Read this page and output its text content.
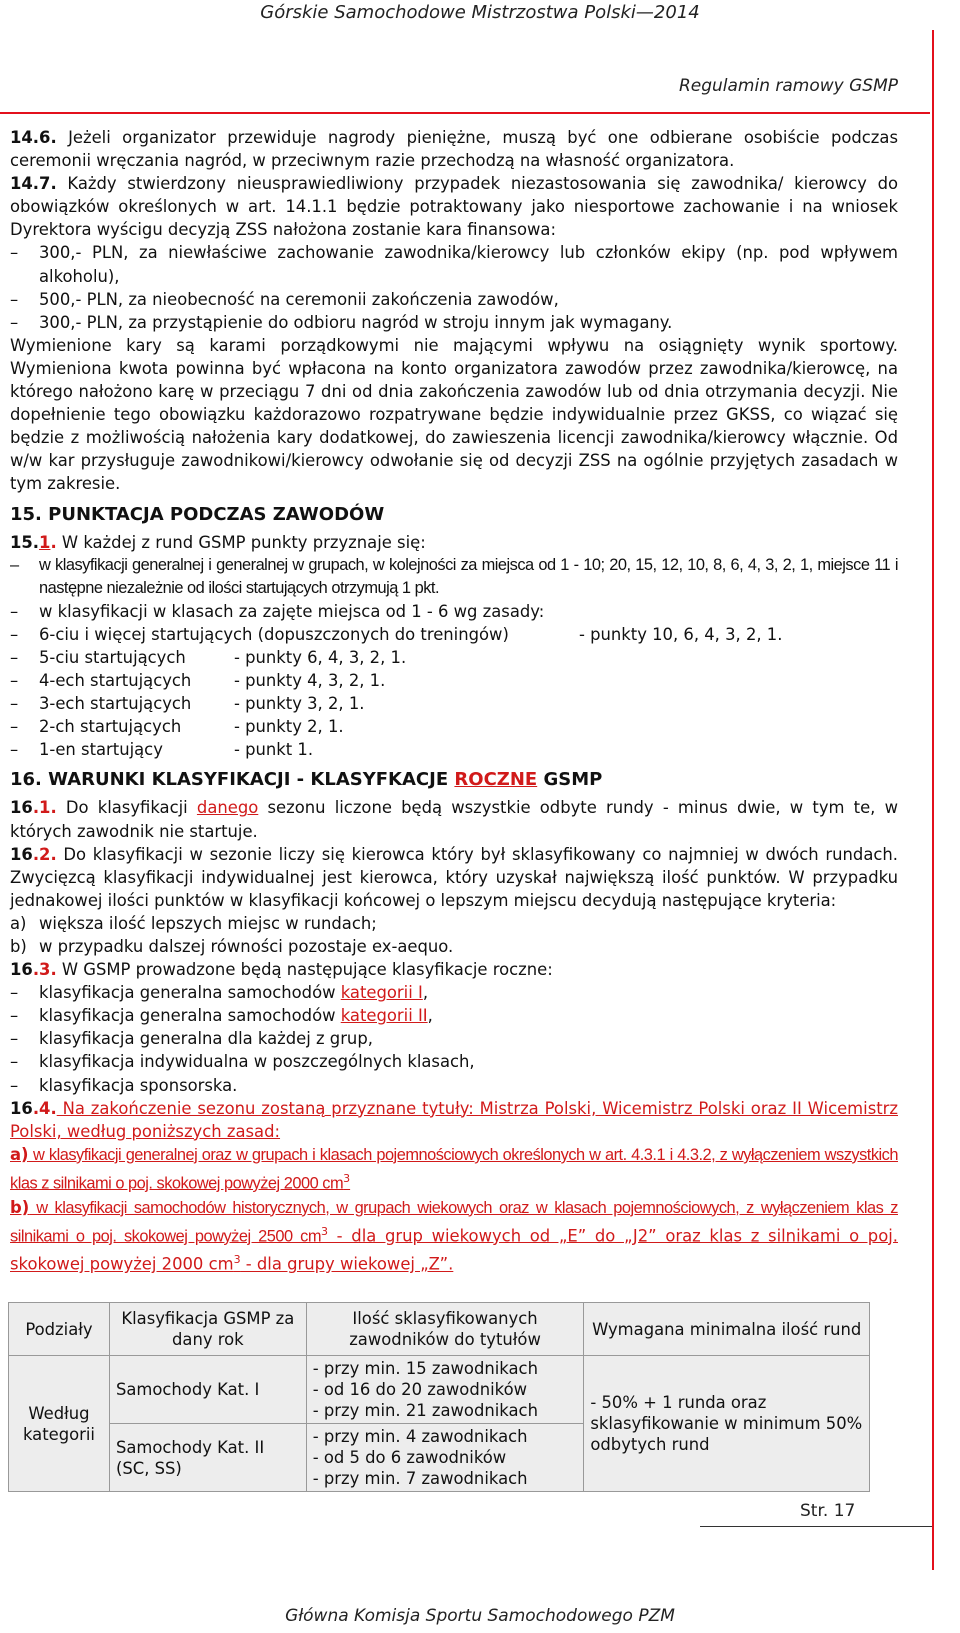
Górskie Samochodowe Mistrzostwa Polski—2014
Regulamin ramowy GSMP

14.6. Jeżeli organizator przewiduje nagrody pieniężne, muszą być one odbierane osobiście podczas ceremonii wręczania nagród, w przeciwnym razie przechodzą na własność organizatora.

14.7. Każdy stwierdzony nieusprawiedliwiony przypadek niezastosowania się zawodnika/ kierowcy do obowiązków określonych w art. 14.1.1 będzie potraktowany jako niesportowe zachowanie i na wniosek Dyrektora wyścigu decyzją ZSS nałożona zostanie kara finansowa:

– 300,- PLN, za niewłaściwe zachowanie zawodnika/kierowcy lub członków ekipy (np. pod wpływem alkoholu),

– 500,- PLN, za nieobecność na ceremonii zakończenia zawodów,

– 300,- PLN, za przystąpienie do odbioru nagród w stroju innym jak wymagany.

Wymienione kary są karami porządkowymi nie mającymi wpływu na osiągnięty wynik sportowy. Wymieniona kwota powinna być wpłacona na konto organizatora zawodów przez zawodnika/kierowcę, na którego nałożono karę w przeciągu 7 dni od dnia zakończenia zawodów lub od dnia otrzymania decyzji. Nie dopełnienie tego obowiązku każdorazowo rozpatrywane będzie indywidualnie przez GKSS, co wiązać się będzie z możliwością nałożenia kary dodatkowej, do zawieszenia licencji zawodnika/kierowcy włącznie. Od w/w kar przysługuje zawodnikowi/kierowcy odwołanie się od decyzji ZSS na ogólnie przyjętych zasadach w tym zakresie.

15. PUNKTACJA PODCZAS ZAWODÓW

15.1. W każdej z rund GSMP punkty przyznaje się:

– w klasyfikacji generalnej i generalnej w grupach, w kolejności za miejsca od 1 - 10; 20, 15, 12, 10, 8, 6, 4, 3, 2, 1, miejsce 11 i następne niezależnie od ilości startujących otrzymują 1 pkt.

– w klasyfikacji w klasach za zajęte miejsca od 1 - 6 wg zasady:

– 6-ciu i więcej startujących (dopuszczonych do treningów)	- punkty 10, 6, 4, 3, 2, 1.

– 5-ciu startujących	- punkty 6, 4, 3, 2, 1.

– 4-ech startujących	- punkty 4, 3, 2, 1.

– 3-ech startujących	- punkty 3, 2, 1.

– 2-ch startujących	- punkty 2, 1.

– 1-en startujący	- punkt 1.

16. WARUNKI KLASYFIKACJI - KLASYFKACJE ROCZNE GSMP

16.1. Do klasyfikacji danego sezonu liczone będą wszystkie odbyte rundy - minus dwie, w tym te, w których zawodnik nie startuje.

16.2. Do klasyfikacji w sezonie liczy się kierowca który był sklasyfikowany co najmniej w dwóch rundach. Zwycięzcą klasyfikacji indywidualnej jest kierowca, który uzyskał największą ilość punktów. W przypadku jednakowej ilości punktów w klasyfikacji końcowej o lepszym miejscu decydują następujące kryteria:

a) większa ilość lepszych miejsc w rundach;

b) w przypadku dalszej równości pozostaje ex-aequo.

16.3. W GSMP prowadzone będą następujące klasyfikacje roczne:

– klasyfikacja generalna samochodów kategorii I,

– klasyfikacja generalna samochodów kategorii II,

– klasyfikacja generalna dla każdej z grup,

– klasyfikacja indywidualna w poszczególnych klasach,

– klasyfikacja sponsorska.

16.4. Na zakończenie sezonu zostaną przyznane tytuły: Mistrza Polski, Wicemistrz Polski oraz II Wicemistrz Polski, według poniższych zasad:

a) w klasyfikacji generalnej oraz w grupach i klasach pojemnościowych określonych w art. 4.3.1 i 4.3.2, z wyłączeniem wszystkich klas z silnikami o poj. skokowej powyżej 2000 $cm^3$

b) w klasyfikacji samochodów historycznych, w grupach wiekowych oraz w klasach pojemnościowych, z wyłączeniem klas z silnikami o poj. skokowej powyżej 2500 $cm^3$ - dla grup wiekowych od „E” do „J2” oraz klas z silnikami o poj. skokowej powyżej 2000 $cm^3$ - dla grupy wiekowej „Z”.

Podziały	Klasyfikacja GSMP za dany rok	Ilość sklasyfikowanych zawodników do tytułów	Wymagana minimalna ilość rund
Według kategorii	Samochody Kat. I	- przy min. 15 zawodnikach
- od 16 do 20 zawodników
- przy min. 21 zawodnikach	- 50% + 1 runda oraz sklasyfikowanie w minimum 50% odbytych rund
	Samochody Kat. II (SC, SS)	- przy min. 4 zawodnikach
- od 5 do 6 zawodników
- przy min. 7 zawodnikach	
Str. 17
Główna Komisja Sportu Samochodowego PZM
